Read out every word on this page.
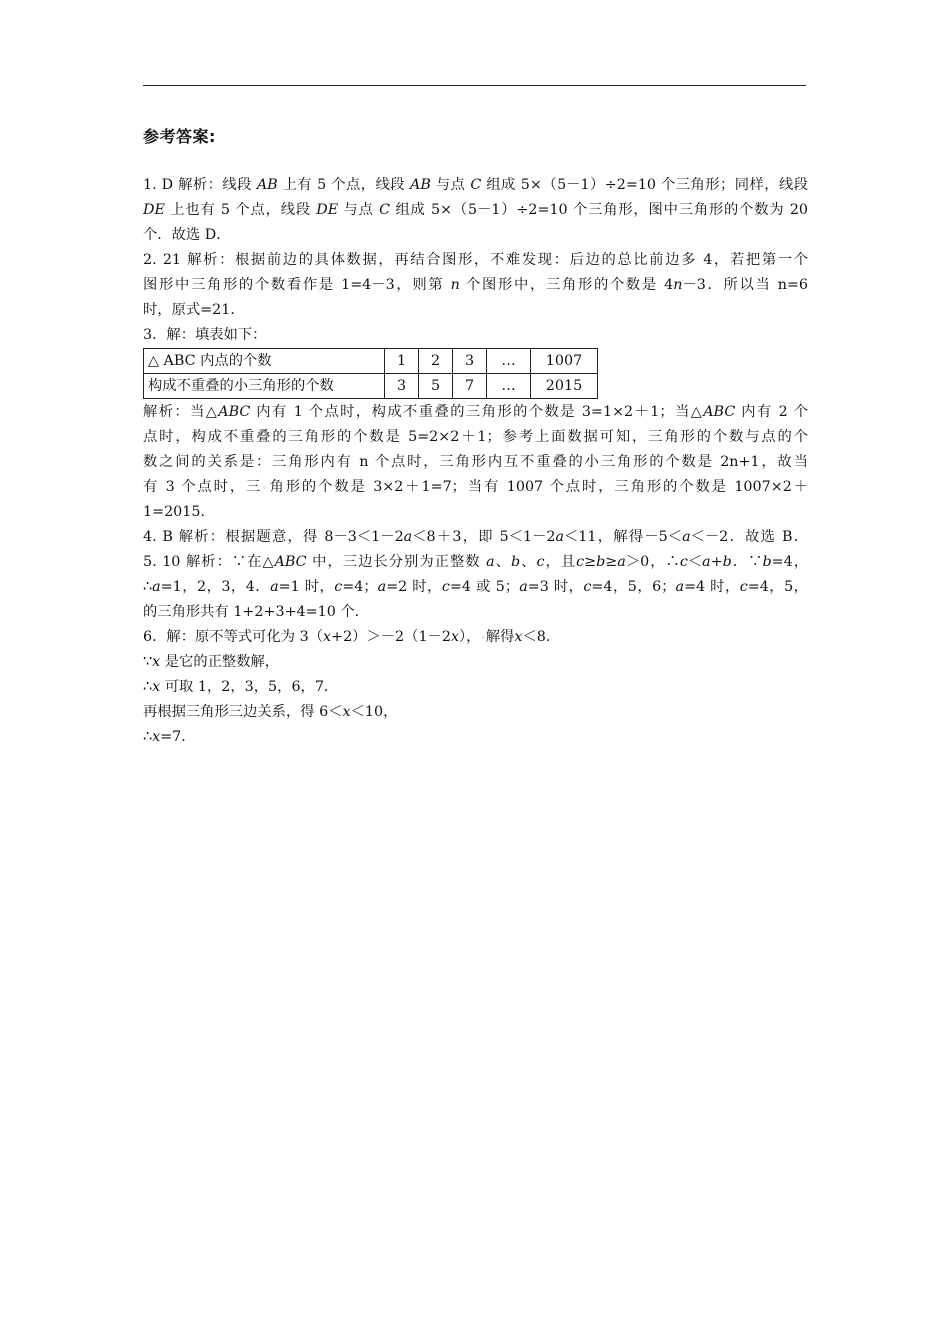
参考答案:
1. D 解析：线段 AB 上有 5 个点，线段 AB 与点 C 组成 5×（5－1）÷2=10 个三角形；同样，线段
DE 上也有 5 个点，线段 DE 与点 C 组成 5×（5－1）÷2=10 个三角形，图中三角形的个数为 20
个．故选 D．
2. 21 解析：根据前边的具体数据，再结合图形，不难发现：后边的总比前边多 4，若把第一个
图形中三角形的个数看作是 1=4－3，则第 n 个图形中，三角形的个数是 4n－3．所以当 n=6
时，原式=21．
3．解：填表如下：
△ ABC 内点的个数	1	2	3	…	1007
构成不重叠的小三角形的个数	3	5	7	…	2015
解析：当△ABC 内有 1 个点时，构成不重叠的三角形的个数是 3=1×2＋1；当△ABC 内有 2 个
点时，构成不重叠的三角形的个数是 5=2×2＋1；参考上面数据可知，三角形的个数与点的个
数之间的关系是：三角形内有 n 个点时，三角形内互不重叠的小三角形的个数是 2n+1，故当
有 3 个点时，三◦角形的个数是 3×2＋1=7；当有 1007 个点时，三角形的个数是 1007×2＋
1=2015．
4. B 解析：根据题意，得 8－3＜1－2a＜8＋3，即 5＜1－2a＜11，解得－5＜a＜－2．故选 B．
5. 10 解析：∵在△ABC 中，三边长分别为正整数 a、b、c，且c≥b≥a＞0，∴c＜a+b．∵b=4，
∴a=1，2，3，4．a=1 时，c=4；a=2 时，c=4 或 5；a=3 时，c=4，5，6；a=4 时，c=4，5，
的三角形共有 1+2+3+4=10 个．
6．解：原不等式可化为 3（x+2）＞－2（1－2x），◦解得x＜8．
∵x 是它的正整数解，
∴x 可取 1，2，3，5，6，7．
再根据三角形三边关系，得 6＜x＜10，
∴x=7．
